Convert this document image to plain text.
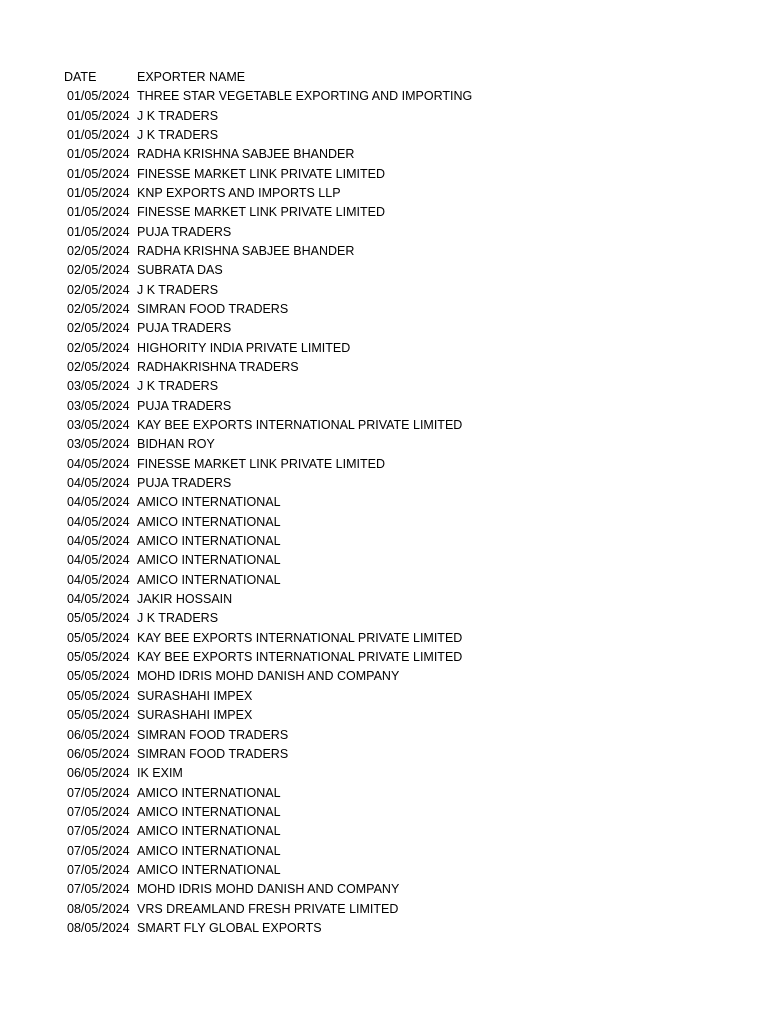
DATE	EXPORTER NAME
01/05/2024 THREE STAR VEGETABLE EXPORTING AND IMPORTING
01/05/2024 J K TRADERS
01/05/2024 J K TRADERS
01/05/2024 RADHA KRISHNA SABJEE BHANDER
01/05/2024 FINESSE MARKET LINK PRIVATE LIMITED
01/05/2024 KNP EXPORTS AND IMPORTS LLP
01/05/2024 FINESSE MARKET LINK PRIVATE LIMITED
01/05/2024 PUJA TRADERS
02/05/2024 RADHA KRISHNA SABJEE BHANDER
02/05/2024 SUBRATA DAS
02/05/2024 J K TRADERS
02/05/2024 SIMRAN FOOD TRADERS
02/05/2024 PUJA TRADERS
02/05/2024 HIGHORITY INDIA PRIVATE LIMITED
02/05/2024 RADHAKRISHNA TRADERS
03/05/2024 J K TRADERS
03/05/2024 PUJA TRADERS
03/05/2024 KAY BEE EXPORTS INTERNATIONAL PRIVATE LIMITED
03/05/2024 BIDHAN ROY
04/05/2024 FINESSE MARKET LINK PRIVATE LIMITED
04/05/2024 PUJA TRADERS
04/05/2024 AMICO INTERNATIONAL
04/05/2024 AMICO INTERNATIONAL
04/05/2024 AMICO INTERNATIONAL
04/05/2024 AMICO INTERNATIONAL
04/05/2024 AMICO INTERNATIONAL
04/05/2024 JAKIR HOSSAIN
05/05/2024 J K TRADERS
05/05/2024 KAY BEE EXPORTS INTERNATIONAL PRIVATE LIMITED
05/05/2024 KAY BEE EXPORTS INTERNATIONAL PRIVATE LIMITED
05/05/2024 MOHD IDRIS MOHD DANISH AND COMPANY
05/05/2024 SURASHAHI IMPEX
05/05/2024 SURASHAHI IMPEX
06/05/2024 SIMRAN FOOD TRADERS
06/05/2024 SIMRAN FOOD TRADERS
06/05/2024 IK EXIM
07/05/2024 AMICO INTERNATIONAL
07/05/2024 AMICO INTERNATIONAL
07/05/2024 AMICO INTERNATIONAL
07/05/2024 AMICO INTERNATIONAL
07/05/2024 AMICO INTERNATIONAL
07/05/2024 MOHD IDRIS MOHD DANISH AND COMPANY
08/05/2024 VRS DREAMLAND FRESH PRIVATE LIMITED
08/05/2024 SMART FLY GLOBAL EXPORTS
